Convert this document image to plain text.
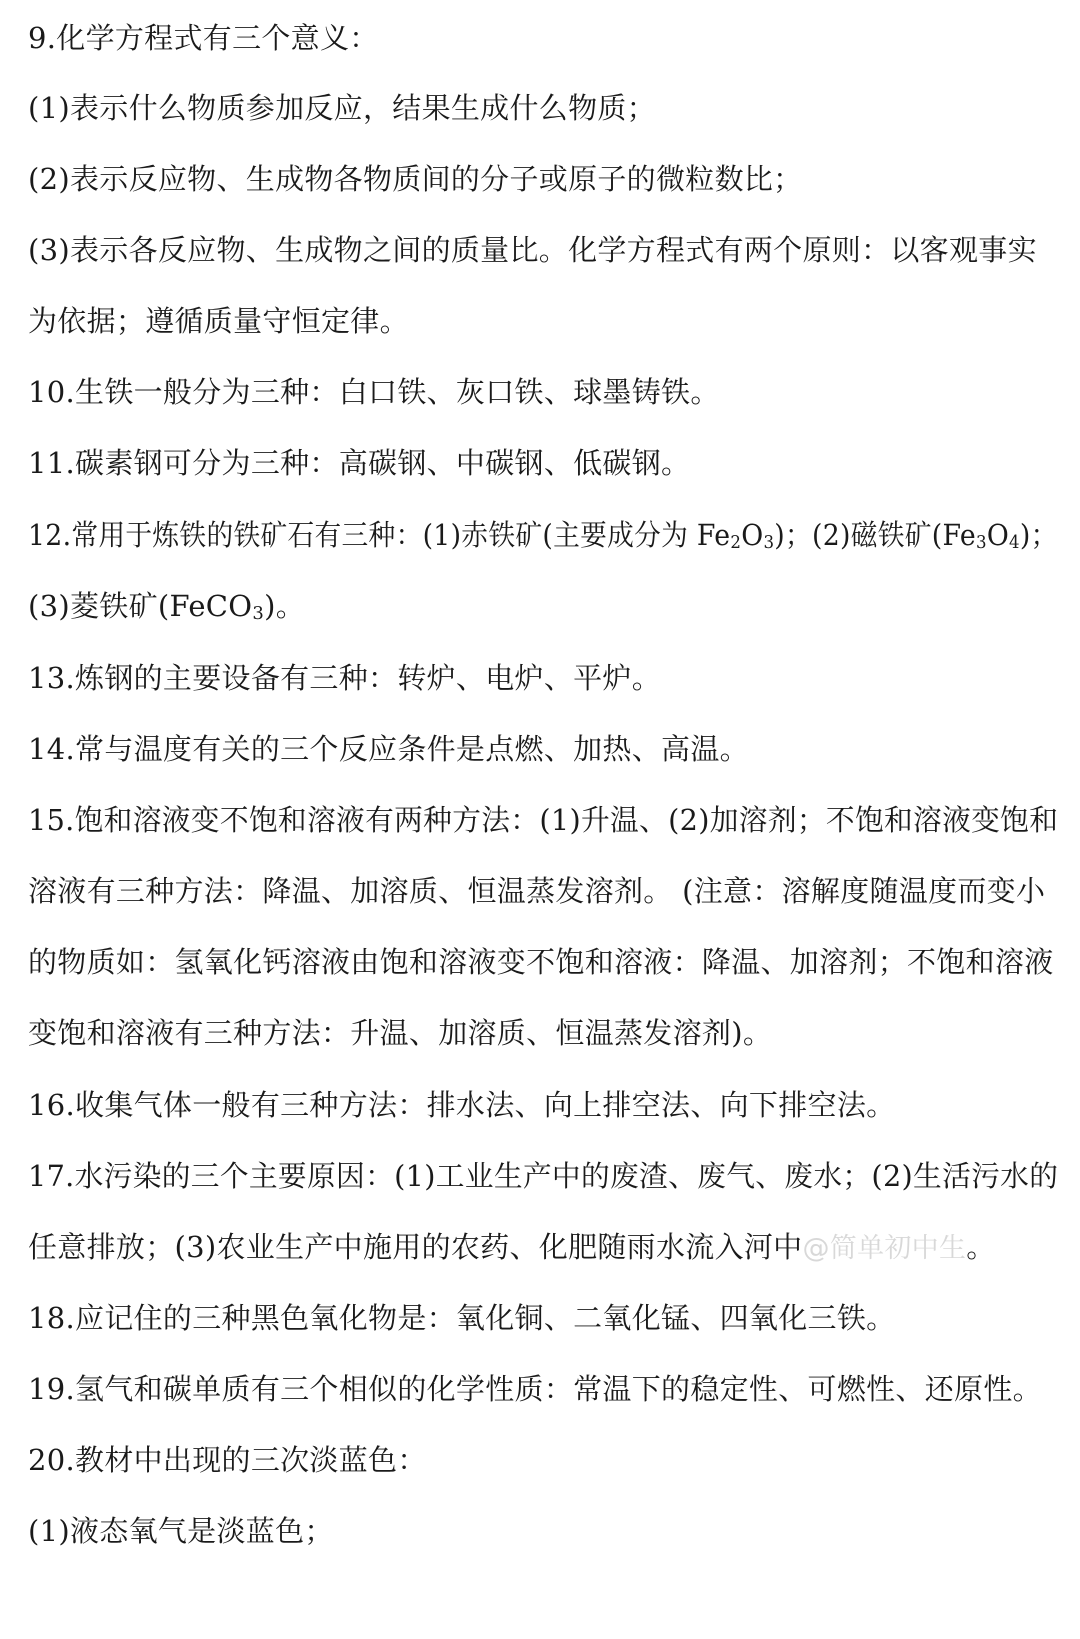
9.化学方程式有三个意义：
(1)表示什么物质参加反应，结果生成什么物质；
(2)表示反应物、生成物各物质间的分子或原子的微粒数比；
(3)表示各反应物、生成物之间的质量比。化学方程式有两个原则：以客观事实
为依据；遵循质量守恒定律。
10.生铁一般分为三种：白口铁、灰口铁、球墨铸铁。
11.碳素钢可分为三种：高碳钢、中碳钢、低碳钢。
12.常用于炼铁的铁矿石有三种：(1)赤铁矿(主要成分为 $Fe_2O_3$)；(2)磁铁矿$(Fe_3O_4)$；
(3)菱铁矿(FeCO$_3$)。
13.炼钢的主要设备有三种：转炉、电炉、平炉。
14.常与温度有关的三个反应条件是点燃、加热、高温。
15.饱和溶液变不饱和溶液有两种方法：(1)升温、(2)加溶剂；不饱和溶液变饱和
溶液有三种方法：降温、加溶质、恒温蒸发溶剂。 (注意：溶解度随温度而变小
的物质如：氢氧化钙溶液由饱和溶液变不饱和溶液：降温、加溶剂；不饱和溶液
变饱和溶液有三种方法：升温、加溶质、恒温蒸发溶剂)。
16.收集气体一般有三种方法：排水法、向上排空法、向下排空法。
17.水污染的三个主要原因：(1)工业生产中的废渣、废气、废水；(2)生活污水的
任意排放；(3)农业生产中施用的农药、化肥随雨水流入河中@简单初中生。
18.应记住的三种黑色氧化物是：氧化铜、二氧化锰、四氧化三铁。
19.氢气和碳单质有三个相似的化学性质：常温下的稳定性、可燃性、还原性。
20.教材中出现的三次淡蓝色：
(1)液态氧气是淡蓝色；
